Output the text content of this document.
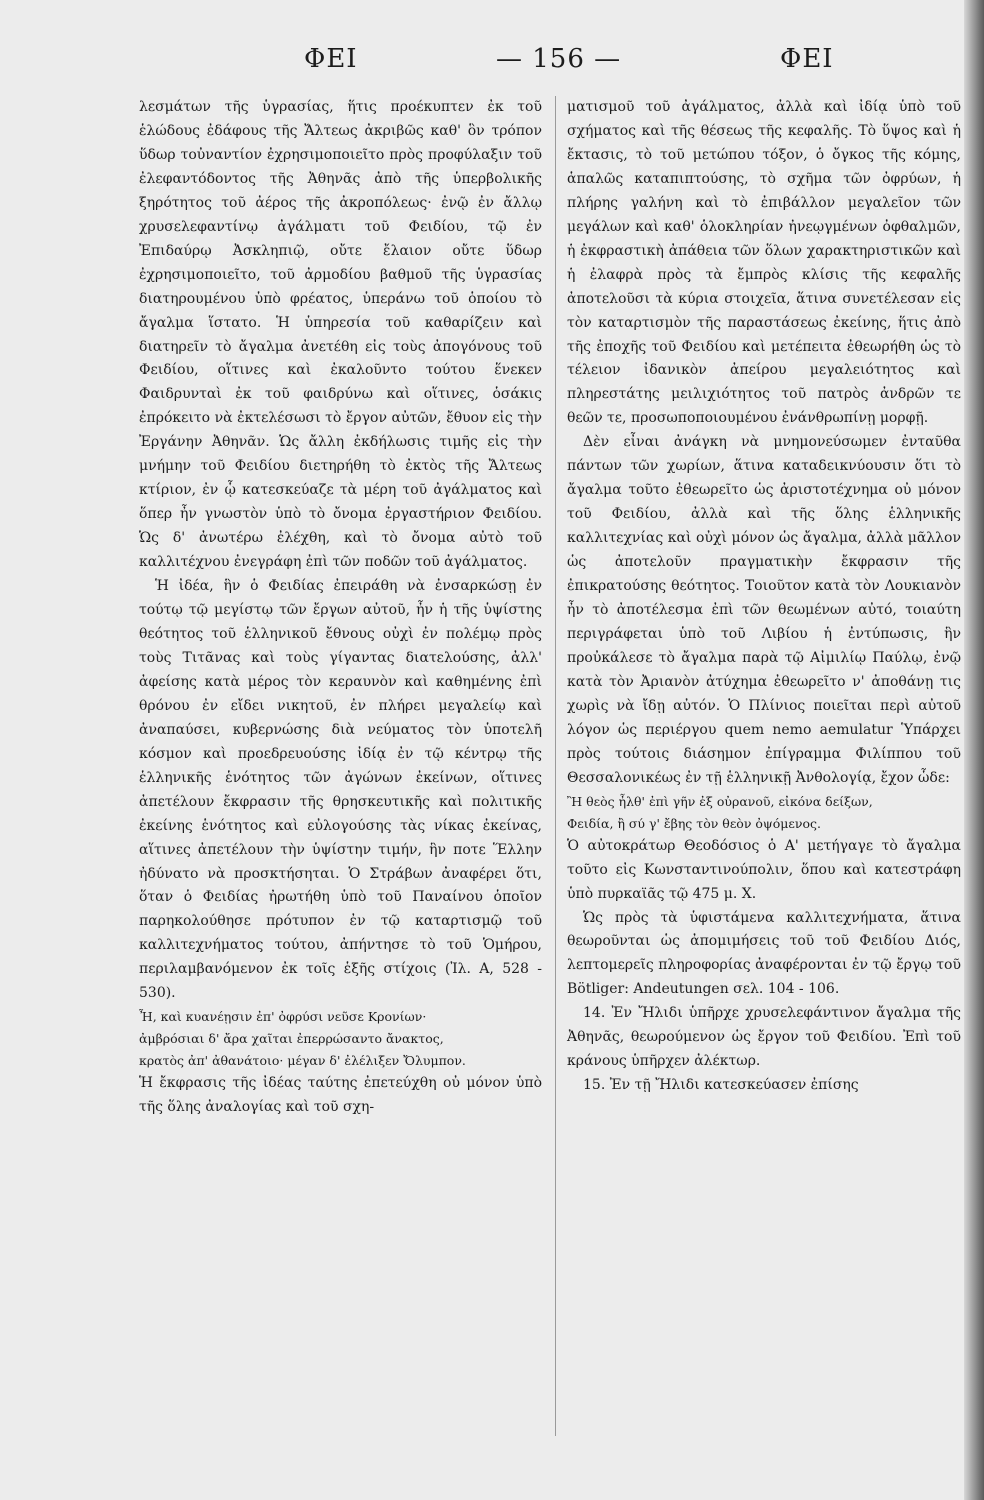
ΦΕΙ	— 156 —	ΦΕΙ

λεσμάτων τῆς ὑγρασίας, ἥτις προέκυπτεν ἐκ τοῦ ἑλώδους ἐδάφους τῆς Ἄλτεως ἀκριβῶς καθ' ὃν τρόπον ὕδωρ τοὐναντίον ἐχρησιμοποιεῖτο πρὸς προφύλαξιν τοῦ ἐλεφαντόδοντος τῆς Ἀθηνᾶς ἀπὸ τῆς ὑπερβολικῆς ξηρότητος τοῦ ἀέρος τῆς ἀκροπόλεως· ἐνῷ ἐν ἄλλῳ χρυσελεφαντίνῳ ἀγάλματι τοῦ Φειδίου, τῷ ἐν Ἐπιδαύρῳ Ἀσκληπιῷ, οὔτε ἔλαιον οὔτε ὕδωρ ἐχρησιμοποιεῖτο, τοῦ ἀρμοδίου βαθμοῦ τῆς ὑγρασίας διατηρουμένου ὑπὸ φρέατος, ὑπεράνω τοῦ ὁποίου τὸ ἄγαλμα ἵστατο. Ἡ ὑπηρεσία τοῦ καθαρίζειν καὶ διατηρεῖν τὸ ἄγαλμα ἀνετέθη εἰς τοὺς ἀπογόνους τοῦ Φειδίου, οἵτινες καὶ ἐκαλοῦντο τούτου ἕνεκεν Φαιδρυνταὶ ἐκ τοῦ φαιδρύνω καὶ οἵτινες, ὁσάκις ἐπρόκειτο νὰ ἐκτελέσωσι τὸ ἔργον αὐτῶν, ἔθυον εἰς τὴν Ἐργάνην Ἀθηνᾶν. Ὡς ἄλλη ἐκδήλωσις τιμῆς εἰς τὴν μνήμην τοῦ Φειδίου διετηρήθη τὸ ἐκτὸς τῆς Ἄλτεως κτίριον, ἐν ᾧ κατεσκεύαζε τὰ μέρη τοῦ ἀγάλματος καὶ ὅπερ ἦν γνωστὸν ὑπὸ τὸ ὄνομα ἐργαστήριον Φειδίου. Ὡς δ' ἀνωτέρω ἐλέχθη, καὶ τὸ ὄνομα αὐτὸ τοῦ καλλιτέχνου ἐνεγράφη ἐπὶ τῶν ποδῶν τοῦ ἀγάλματος.

Ἡ ἰδέα, ἣν ὁ Φειδίας ἐπειράθη νὰ ἐνσαρκώσῃ ἐν τούτῳ τῷ μεγίστῳ τῶν ἔργων αὐτοῦ, ἦν ἡ τῆς ὑψίστης θεότητος τοῦ ἑλληνικοῦ ἔθνους οὐχὶ ἐν πολέμῳ πρὸς τοὺς Τιτᾶνας καὶ τοὺς γίγαντας διατελούσης, ἀλλ' ἀφείσης κατὰ μέρος τὸν κεραυνὸν καὶ καθημένης ἐπὶ θρόνου ἐν εἴδει νικητοῦ, ἐν πλήρει μεγαλείῳ καὶ ἀναπαύσει, κυβερνώσης διὰ νεύματος τὸν ὑποτελῆ κόσμον καὶ προεδρευούσης ἰδίᾳ ἐν τῷ κέντρῳ τῆς ἑλληνικῆς ἑνότητος τῶν ἀγώνων ἐκείνων, οἵτινες ἀπετέλουν ἔκφρασιν τῆς θρησκευτικῆς καὶ πολιτικῆς ἐκείνης ἑνότητος καὶ εὐλογούσης τὰς νίκας ἐκείνας, αἵτινες ἀπετέλουν τὴν ὑψίστην τιμήν, ἣν ποτε Ἕλλην ἠδύνατο νὰ προσκτήσηται. Ὁ Στράβων ἀναφέρει ὅτι, ὅταν ὁ Φειδίας ἠρωτήθη ὑπὸ τοῦ Παναίνου ὁποῖον παρηκολούθησε πρότυπον ἐν τῷ καταρτισμῷ τοῦ καλλιτεχνήματος τούτου, ἀπήντησε τὸ τοῦ Ὁμήρου, περιλαμβανόμενον ἐκ τοῖς ἑξῆς στίχοις (Ἰλ. Α, 528 - 530).

Ἦ, καὶ κυανέῃσιν ἐπ' ὀφρύσι νεῦσε Κρονίων·
ἀμβρόσιαι δ' ἄρα χαῖται ἐπερρώσαντο ἄνακτος,
κρατὸς ἀπ' ἀθανάτοιο· μέγαν δ' ἐλέλιξεν Ὄλυμπον.

Ἡ ἔκφρασις τῆς ἰδέας ταύτης ἐπετεύχθη οὐ μόνον ὑπὸ τῆς ὅλης ἀναλογίας καὶ τοῦ σχη-

ματισμοῦ τοῦ ἀγάλματος, ἀλλὰ καὶ ἰδίᾳ ὑπὸ τοῦ σχήματος καὶ τῆς θέσεως τῆς κεφαλῆς. Τὸ ὕψος καὶ ἡ ἔκτασις, τὸ τοῦ μετώπου τόξον, ὁ ὄγκος τῆς κόμης, ἁπαλῶς καταπιπτούσης, τὸ σχῆμα τῶν ὀφρύων, ἡ πλήρης γαλήνη καὶ τὸ ἐπιβάλλον μεγαλεῖον τῶν μεγάλων καὶ καθ' ὁλοκληρίαν ἠνεῳγμένων ὀφθαλμῶν, ἡ ἐκφραστικὴ ἀπάθεια τῶν ὅλων χαρακτηριστικῶν καὶ ἡ ἐλαφρὰ πρὸς τὰ ἔμπρὸς κλίσις τῆς κεφαλῆς ἀποτελοῦσι τὰ κύρια στοιχεῖα, ἅτινα συνετέλεσαν εἰς τὸν καταρτισμὸν τῆς παραστάσεως ἐκείνης, ἥτις ἀπὸ τῆς ἐποχῆς τοῦ Φειδίου καὶ μετέπειτα ἐθεωρήθη ὡς τὸ τέλειον ἰδανικὸν ἀπείρου μεγαλειότητος καὶ πληρεστάτης μειλιχιότητος τοῦ πατρὸς ἀνδρῶν τε θεῶν τε, προσωποποιουμένου ἐνάνθρωπίνῃ μορφῇ.

Δὲν εἶναι ἀνάγκη νὰ μνημονεύσωμεν ἐνταῦθα πάντων τῶν χωρίων, ἅτινα καταδεικνύουσιν ὅτι τὸ ἄγαλμα τοῦτο ἐθεωρεῖτο ὡς ἀριστοτέχνημα οὐ μόνον τοῦ Φειδίου, ἀλλὰ καὶ τῆς ὅλης ἑλληνικῆς καλλιτεχνίας καὶ οὐχὶ μόνον ὡς ἄγαλμα, ἀλλὰ μᾶλλον ὡς ἀποτελοῦν πραγματικὴν ἔκφρασιν τῆς ἐπικρατούσης θεότητος. Τοιοῦτον κατὰ τὸν Λουκιανὸν ἦν τὸ ἀποτέλεσμα ἐπὶ τῶν θεωμένων αὐτό, τοιαύτη περιγράφεται ὑπὸ τοῦ Λιβίου ἡ ἐντύπωσις, ἣν προὐκάλεσε τὸ ἄγαλμα παρὰ τῷ Αἰμιλίῳ Παύλῳ, ἐνῷ κατὰ τὸν Ἀριανὸν ἀτύχημα ἐθεωρεῖτο ν' ἀποθάνῃ τις χωρὶς νὰ ἴδῃ αὐτόν. Ὁ Πλίνιος ποιεῖται περὶ αὐτοῦ λόγον ὡς περιέργου quem nemo aemulatur Ὑπάρχει πρὸς τούτοις διάσημον ἐπίγραμμα Φιλίππου τοῦ Θεσσαλονικέως ἐν τῇ ἑλληνικῇ Ἀνθολογίᾳ, ἔχον ὧδε:

Ἢ θεὸς ἦλθ' ἐπὶ γῆν ἐξ οὐρανοῦ, εἰκόνα δείξων,
Φειδία, ἢ σύ γ' ἔβης τὸν θεὸν ὀψόμενος.

Ὁ αὐτοκράτωρ Θεοδόσιος ὁ Α' μετήγαγε τὸ ἄγαλμα τοῦτο εἰς Κωνσταντινούπολιν, ὅπου καὶ κατεστράφη ὑπὸ πυρκαϊᾶς τῷ 475 μ. Χ.

Ὡς πρὸς τὰ ὑφιστάμενα καλλιτεχνήματα, ἅτινα θεωροῦνται ὡς ἀπομιμήσεις τοῦ τοῦ Φειδίου Διός, λεπτομερεῖς πληροφορίας ἀναφέρονται ἐν τῷ ἔργῳ τοῦ Bötliger: Andeutungen σελ. 104 - 106.

14. Ἐν Ἤλιδι ὑπῆρχε χρυσελεφάντινον ἄγαλμα τῆς Ἀθηνᾶς, θεωρούμενον ὡς ἔργον τοῦ Φειδίου. Ἐπὶ τοῦ κράνους ὑπῆρχεν ἀλέκτωρ.

15. Ἐν τῇ Ἤλιδι κατεσκεύασεν ἐπίσης
